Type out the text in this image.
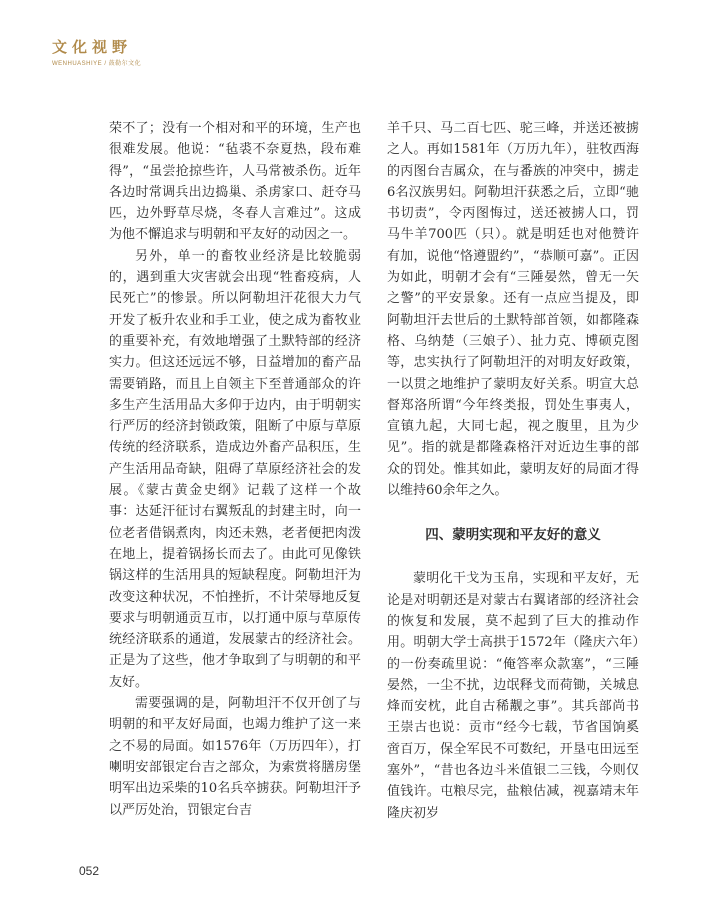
文化视野
WENHUASHIYE / 鼓勒尔文化

荣不了；没有一个相对和平的环境，生产也很难发展。他说：“毡裘不奈夏热，段布难得”，“虽尝抢掠些许，人马常被杀伤。近年各边时常调兵出边捣巢、杀虏家口、赶夺马匹，边外野草尽烧，冬春人言难过”。这成为他不懈追求与明朝和平友好的动因之一。

另外，单一的畜牧业经济是比较脆弱的，遇到重大灾害就会出现“牲畜疫病，人民死亡”的惨景。所以阿勒坦汗花很大力气开发了板升农业和手工业，使之成为畜牧业的重要补充，有效地增强了土默特部的经济实力。但这还远远不够，日益增加的畜产品需要销路，而且上自领主下至普通部众的许多生产生活用品大多仰于边内，由于明朝实行严厉的经济封锁政策，阻断了中原与草原传统的经济联系，造成边外畜产品积压，生产生活用品奇缺，阻碍了草原经济社会的发展。《蒙古黄金史纲》记载了这样一个故事：达延汗征讨右翼叛乱的封建主时，向一位老者借锅煮肉，肉还未熟，老者便把肉泼在地上，提着锅扬长而去了。由此可见像铁锅这样的生活用具的短缺程度。阿勒坦汗为改变这种状况，不怕挫折，不计荣辱地反复要求与明朝通贡互市，以打通中原与草原传统经济联系的通道，发展蒙古的经济社会。正是为了这些，他才争取到了与明朝的和平友好。

需要强调的是，阿勒坦汗不仅开创了与明朝的和平友好局面，也竭力维护了这一来之不易的局面。如1576年（万历四年），打喇明安部银定台吉之部众，为索赏将膳房堡明军出边采柴的10名兵卒掳获。阿勒坦汗予以严厉处治，罚银定台吉

羊千只、马二百七匹、驼三峰，并送还被掳之人。再如1581年（万历九年），驻牧西海的丙图台吉属众，在与番族的冲突中，掳走6名汉族男妇。阿勒坦汗获悉之后，立即“驰书切责”，令丙图悔过，送还被掳人口，罚马牛羊700匹（只）。就是明廷也对他赞许有加，说他“恪遵盟约”，“恭顺可嘉”。正因为如此，明朝才会有“三陲晏然，曾无一矢之警”的平安景象。还有一点应当提及，即阿勒坦汗去世后的土默特部首领，如都隆森格、乌纳楚（三娘子）、扯力克、博硕克图等，忠实执行了阿勒坦汗的对明友好政策，一以贯之地维护了蒙明友好关系。明宣大总督郑洛所谓“今年终类报，罚处生事夷人，宣镇九起，大同七起，视之腹里，且为少见”。指的就是都隆森格汗对近边生事的部众的罚处。惟其如此，蒙明友好的局面才得以维持60余年之久。

四、蒙明实现和平友好的意义

蒙明化干戈为玉帛，实现和平友好，无论是对明朝还是对蒙古右翼诸部的经济社会的恢复和发展，莫不起到了巨大的推动作用。明朝大学士高拱于1572年（隆庆六年）的一份奏疏里说：“俺答率众款塞”，“三陲晏然，一尘不扰，边氓释戈而荷锄，关城息烽而安枕，此自古稀觏之事”。其兵部尚书王崇古也说：贡市“经今七载，节省国饷奚啻百万，保全军民不可数纪，开垦屯田远至塞外”，“昔也各边斗米值银二三钱，今则仅值钱许。屯粮尽完，盐粮估减，视嘉靖末年隆庆初岁

052
